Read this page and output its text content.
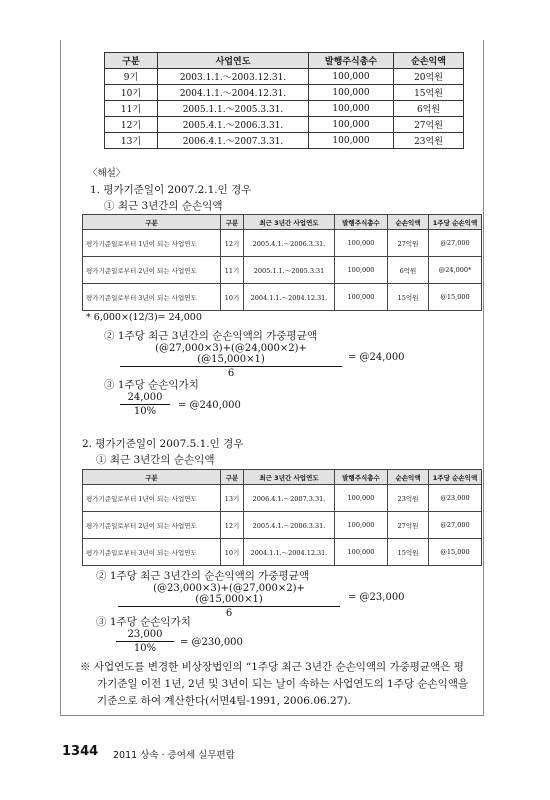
구분	사업연도	발행주식총수	순손익액
9기	2003.1.1.～2003.12.31.	100,000	20억원
10기	2004.1.1.～2004.12.31.	100,000	15억원
11기	2005.1.1.～2005.3.31.	100,000	6억원
12기	2005.4.1.～2006.3.31.	100,000	27억원
13기	2006.4.1.～2007.3.31.	100,000	23억원
〈해설〉
1. 평가기준일이 2007.2.1.인 경우
① 최근 3년간의 순손익액
구분	구분	최근 3년간 사업연도	발행주식총수	순손익액	1주당 순손익액
평가기준일로부터 1년이 되는 사업연도	12기	2005.4.1.～2006.3.31.	100,000	27억원	@27,000
평가기준일로부터 2년이 되는 사업연도	11기	2005.1.1.～2005.3.31	100,000	6억원	@24,000*
평가기준일로부터 3년이 되는 사업연도	10기	2004.1.1.～2004.12.31.	100,000	15억원	@15,000
* 6,000×(12/3)= 24,000
② 1주당 최근 3년간의 순손익액의 가중평균액
$\frac{(@27,000\times 3)+(@24,000\times 2)+(@15,000\times 1)}{6}$ = @24,000
③ 1주당 순손익가치
$\frac{24,000}{10\%}$ = @240,000
2. 평가기준일이 2007.5.1.인 경우
① 최근 3년간의 순손익액
구분	구분	최근 3년간 사업연도	발행주식총수	순손익액	1주당 순손익액
평가기준일로부터 1년이 되는 사업연도	13기	2006.4.1.～2007.3.31.	100,000	23억원	@23,000
평가기준일로부터 2년이 되는 사업연도	12기	2005.4.1.～2006.3.31.	100,000	27억원	@27,000
평가기준일로부터 3년이 되는 사업연도	10기	2004.1.1.～2004.12.31.	100,000	15억원	@15,000
② 1주당 최근 3년간의 순손익액의 가중평균액
$\frac{(@23,000\times 3)+(@27,000\times 2)+(@15,000\times 1)}{6}$ = @23,000
③ 1주당 순손익가치
$\frac{23,000}{10\%}$ = @230,000
※ 사업연도를 변경한 비상장법인의 “1주당 최근 3년간 순손익액의 가중평균액은 평
가기준일 이전 1년, 2년 및 3년이 되는 날이 속하는 사업연도의 1주당 순손익액을
기준으로 하여 계산한다(서면4팀-1991, 2006.06.27).
1344 2011 상속 · 증여세 실무편람
